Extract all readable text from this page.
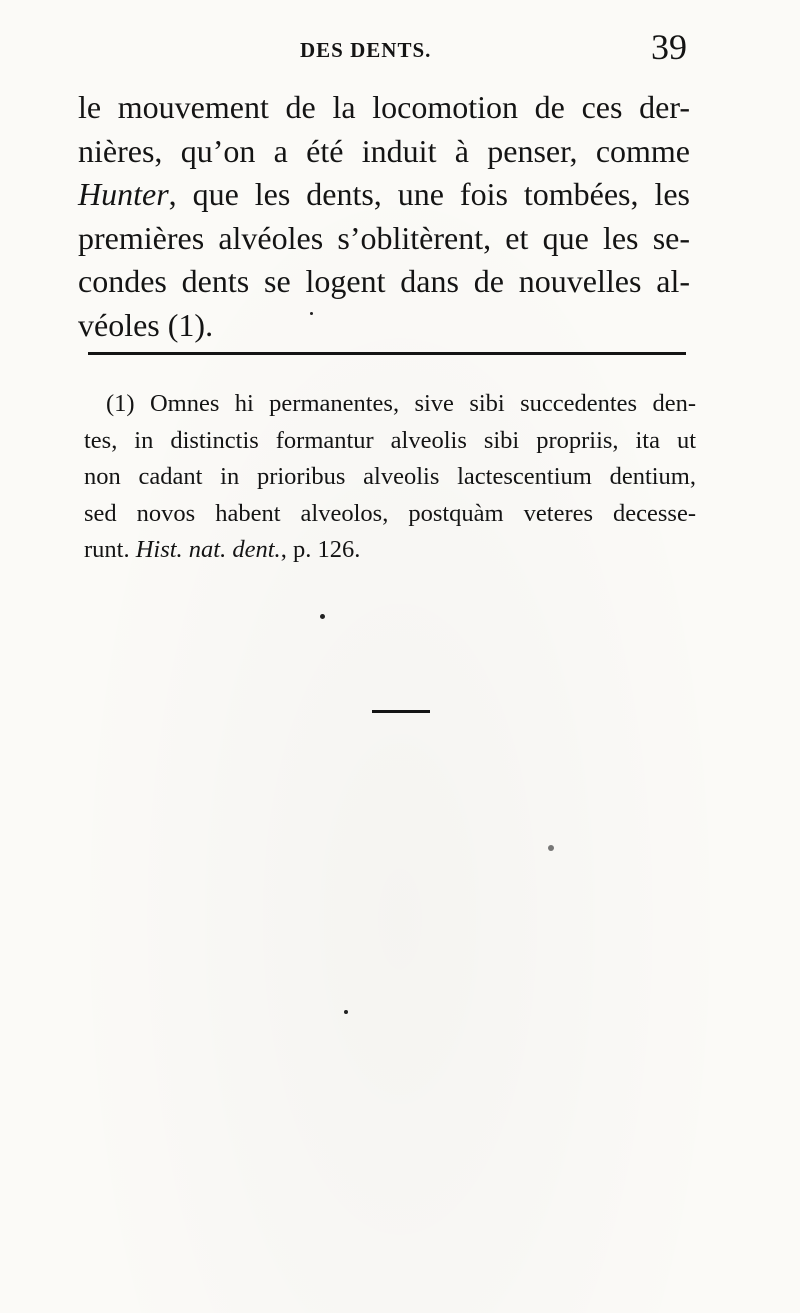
DES DENTS.	39
le mouvement de la locomotion de ces der-
nières, qu’on a été induit à penser, comme
Hunter, que les dents, une fois tombées, les
premières alvéoles s’oblitèrent, et que les se-
condes dents se logent dans de nouvelles al-
véoles (1).
(1) Omnes hi permanentes, sive sibi succedentes den-
tes, in distinctis formantur alveolis sibi propriis, ita ut
non cadant in prioribus alveolis lactescentium dentium,
sed novos habent alveolos, postquàm veteres decesse-
runt. Hist. nat. dent., p. 126.
